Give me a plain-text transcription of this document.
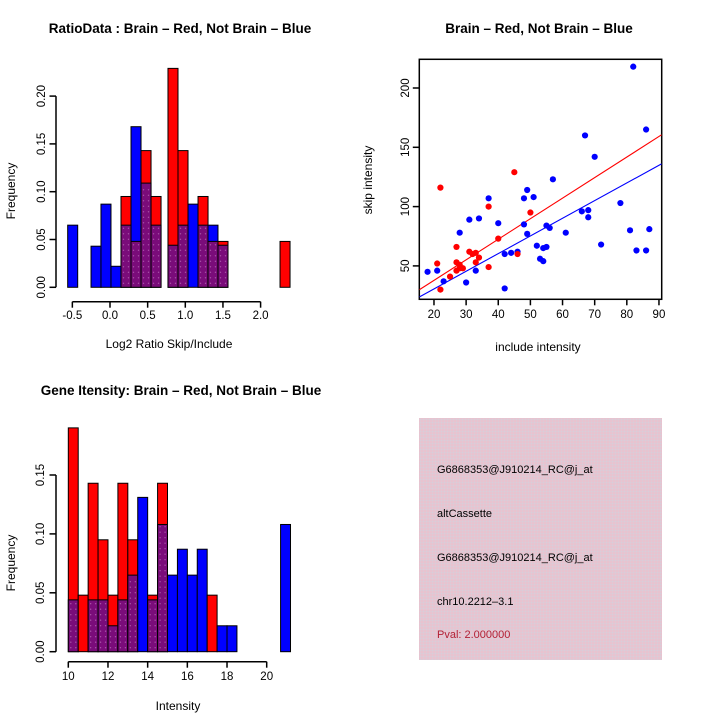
0.00
0.05
0.10
0.15
0.20
-0.5 0.0 0.5 1.0 1.5 2.0
RatioData : Brain – Red, Not Brain – Blue
Log2 Ratio Skip/Include
Frequency
20 30 40 50 60 70 80 90
50
100
150
200
Brain – Red, Not Brain – Blue
include intensity
skip intensity
0.00
0.05
0.10
0.15
10 12 14 16 18 20
Gene Itensity: Brain – Red, Not Brain – Blue
Intensity
Frequency
G6868353@J910214_RC@j_at
altCassette
G6868353@J910214_RC@j_at
chr10.2212–3.1
Pval: 2.000000
